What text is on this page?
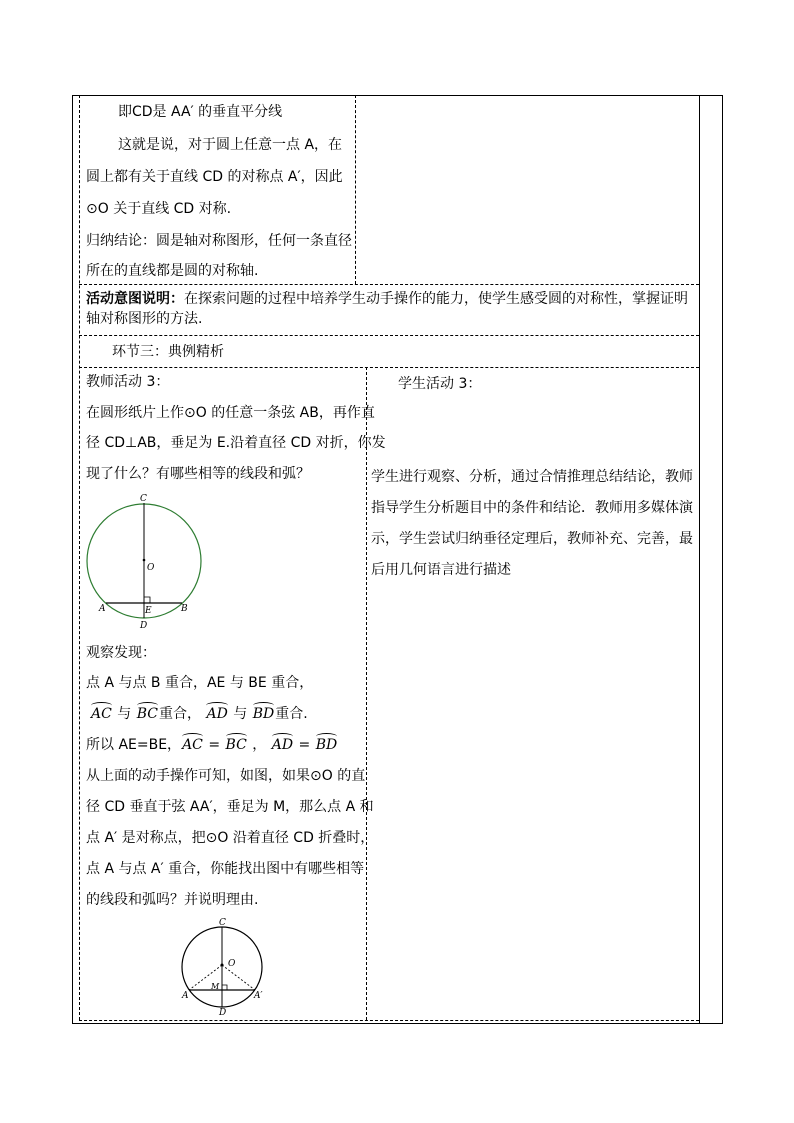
即CD是 AA′ 的垂直平分线
这就是说，对于圆上任意一点 A，在
圆上都有关于直线 CD 的对称点 A′，因此
⊙O 关于直线 CD 对称.
归纳结论：圆是轴对称图形，任何一条直径
所在的直线都是圆的对称轴.
活动意图说明：在探索问题的过程中培养学生动手操作的能力，使学生感受圆的对称性，掌握证明
轴对称图形的方法.
环节三：典例精析
教师活动 3：
在圆形纸片上作⊙O 的任意一条弦 AB，再作直
径 CD⊥AB，垂足为 E.沿着直径 CD 对折，你发
现了什么？有哪些相等的线段和弧？
C
O
A	E	B
D
观察发现：
点 A 与点 B 重合，AE 与 BE 重合，
AC 与 BC重合， AD 与 BD重合.
所以 AE=BE，AC = BC ， AD = BD
从上面的动手操作可知，如图，如果⊙O 的直
径 CD 垂直于弦 AA′，垂足为 M，那么点 A 和
点 A′ 是对称点，把⊙O 沿着直径 CD 折叠时，
点 A 与点 A′ 重合，你能找出图中有哪些相等
的线段和弧吗？并说明理由.
C
O
A
M
A′
D
学生活动 3：
学生进行观察、分析，通过合情推理总结结论，教师
指导学生分析题目中的条件和结论．教师用多媒体演
示，学生尝试归纳垂径定理后，教师补充、完善，最
后用几何语言进行描述
